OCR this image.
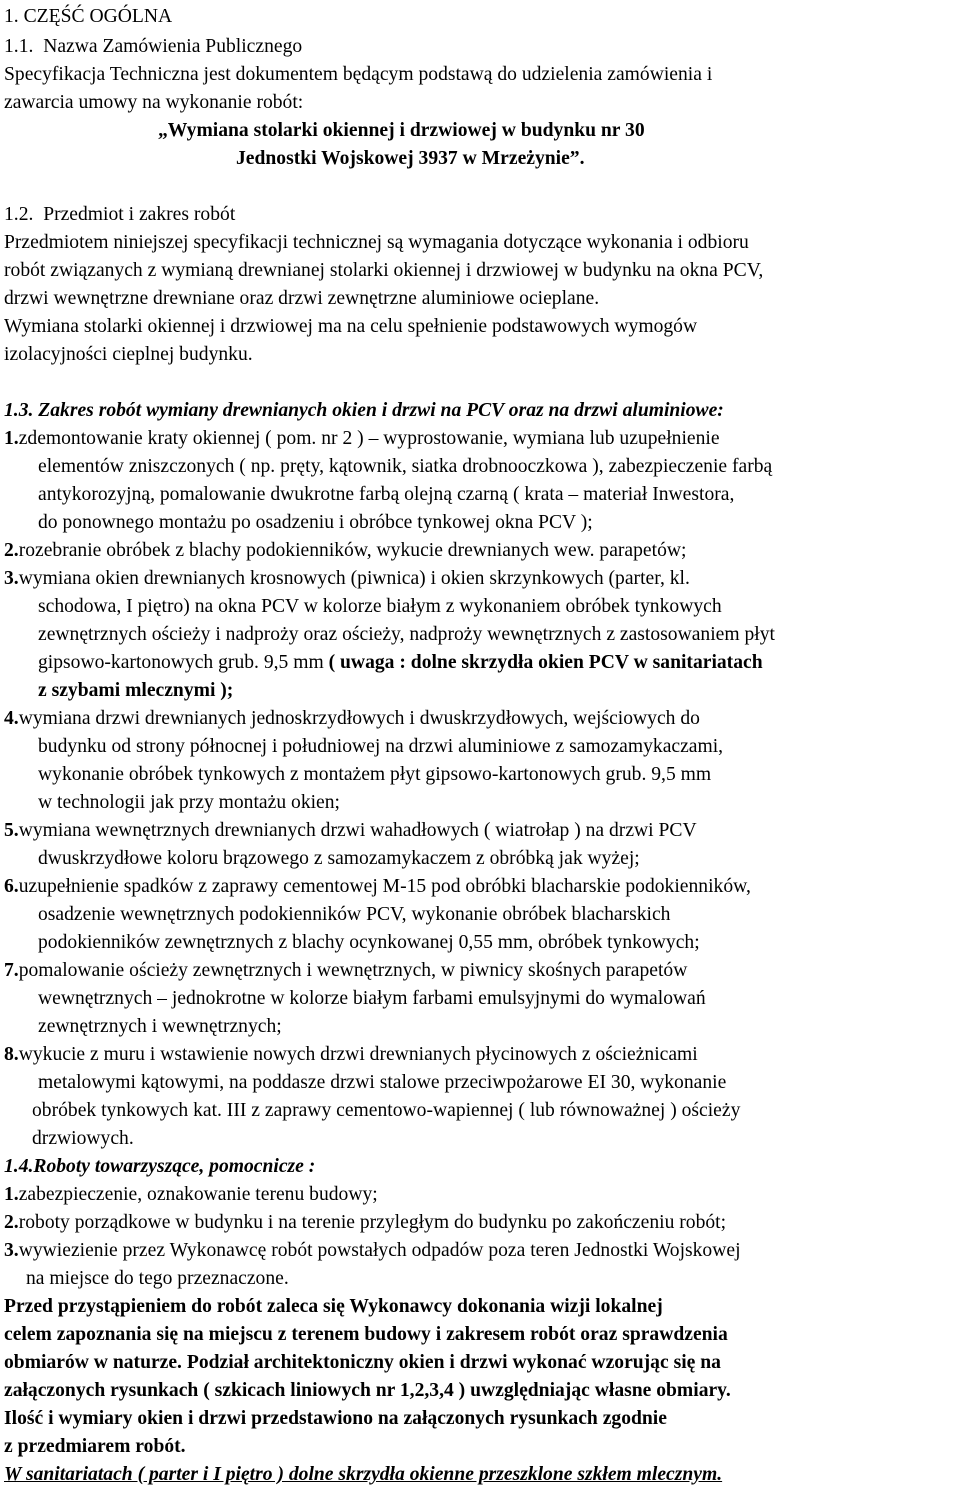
1. CZĘŚĆ OGÓLNA
1.1. Nazwa Zamówienia Publicznego
Specyfikacja Techniczna jest dokumentem będącym podstawą do udzielenia zamówienia i
zawarcia umowy na wykonanie robót:
„Wymiana stolarki okiennej i drzwiowej w budynku nr 30
Jednostki Wojskowej 3937 w Mrzeżynie”.
1.2. Przedmiot i zakres robót
Przedmiotem niniejszej specyfikacji technicznej są wymagania dotyczące wykonania i odbioru
robót związanych z wymianą drewnianej stolarki okiennej i drzwiowej w budynku na okna PCV,
drzwi wewnętrzne drewniane oraz drzwi zewnętrzne aluminiowe ocieplane.
Wymiana stolarki okiennej i drzwiowej ma na celu spełnienie podstawowych wymogów
izolacyjności cieplnej budynku.
1.3. Zakres robót wymiany drewnianych okien i drzwi na PCV oraz na drzwi aluminiowe:
1.zdemontowanie kraty okiennej ( pom. nr 2 ) – wyprostowanie, wymiana lub uzupełnienie
elementów zniszczonych ( np. pręty, kątownik, siatka drobnooczkowa ), zabezpieczenie farbą
antykorozyjną, pomalowanie dwukrotne farbą olejną czarną ( krata – materiał Inwestora,
do ponownego montażu po osadzeniu i obróbce tynkowej okna PCV );
2.rozebranie obróbek z blachy podokienników, wykucie drewnianych wew. parapetów;
3.wymiana okien drewnianych krosnowych (piwnica) i okien skrzynkowych (parter, kl.
schodowa, I piętro) na okna PCV w kolorze białym z wykonaniem obróbek tynkowych
zewnętrznych ościeży i nadproży oraz ościeży, nadproży wewnętrznych z zastosowaniem płyt
gipsowo-kartonowych grub. 9,5 mm ( uwaga : dolne skrzydła okien PCV w sanitariatach
z szybami mlecznymi );
4.wymiana drzwi drewnianych jednoskrzydłowych i dwuskrzydłowych, wejściowych do
budynku od strony północnej i południowej na drzwi aluminiowe z samozamykaczami,
wykonanie obróbek tynkowych z montażem płyt gipsowo-kartonowych grub. 9,5 mm
w technologii jak przy montażu okien;
5.wymiana wewnętrznych drewnianych drzwi wahadłowych ( wiatrołap ) na drzwi PCV
dwuskrzydłowe koloru brązowego z samozamykaczem z obróbką jak wyżej;
6.uzupełnienie spadków z zaprawy cementowej M-15 pod obróbki blacharskie podokienników,
osadzenie wewnętrznych podokienników PCV, wykonanie obróbek blacharskich
podokienników zewnętrznych z blachy ocynkowanej 0,55 mm, obróbek tynkowych;
7.pomalowanie ościeży zewnętrznych i wewnętrznych, w piwnicy skośnych parapetów
wewnętrznych – jednokrotne w kolorze białym farbami emulsyjnymi do wymalowań
zewnętrznych i wewnętrznych;
8.wykucie z muru i wstawienie nowych drzwi drewnianych płycinowych z ościeżnicami
metalowymi kątowymi, na poddasze drzwi stalowe przeciwpożarowe EI 30, wykonanie
obróbek tynkowych kat. III z zaprawy cementowo-wapiennej ( lub równoważnej ) ościeży
drzwiowych.
1.4.Roboty towarzyszące, pomocnicze :
1.zabezpieczenie, oznakowanie terenu budowy;
2.roboty porządkowe w budynku i na terenie przyległym do budynku po zakończeniu robót;
3.wywiezienie przez Wykonawcę robót powstałych odpadów poza teren Jednostki Wojskowej
na miejsce do tego przeznaczone.
Przed przystąpieniem do robót zaleca się Wykonawcy dokonania wizji lokalnej
celem zapoznania się na miejscu z terenem budowy i zakresem robót oraz sprawdzenia
obmiarów w naturze. Podział architektoniczny okien i drzwi wykonać wzorując się na
załączonych rysunkach ( szkicach liniowych nr 1,2,3,4 ) uwzględniając własne obmiary.
Ilość i wymiary okien i drzwi przedstawiono na załączonych rysunkach zgodnie
z przedmiarem robót.
W sanitariatach ( parter i I piętro ) dolne skrzydła okienne przeszklone szkłem mlecznym.
